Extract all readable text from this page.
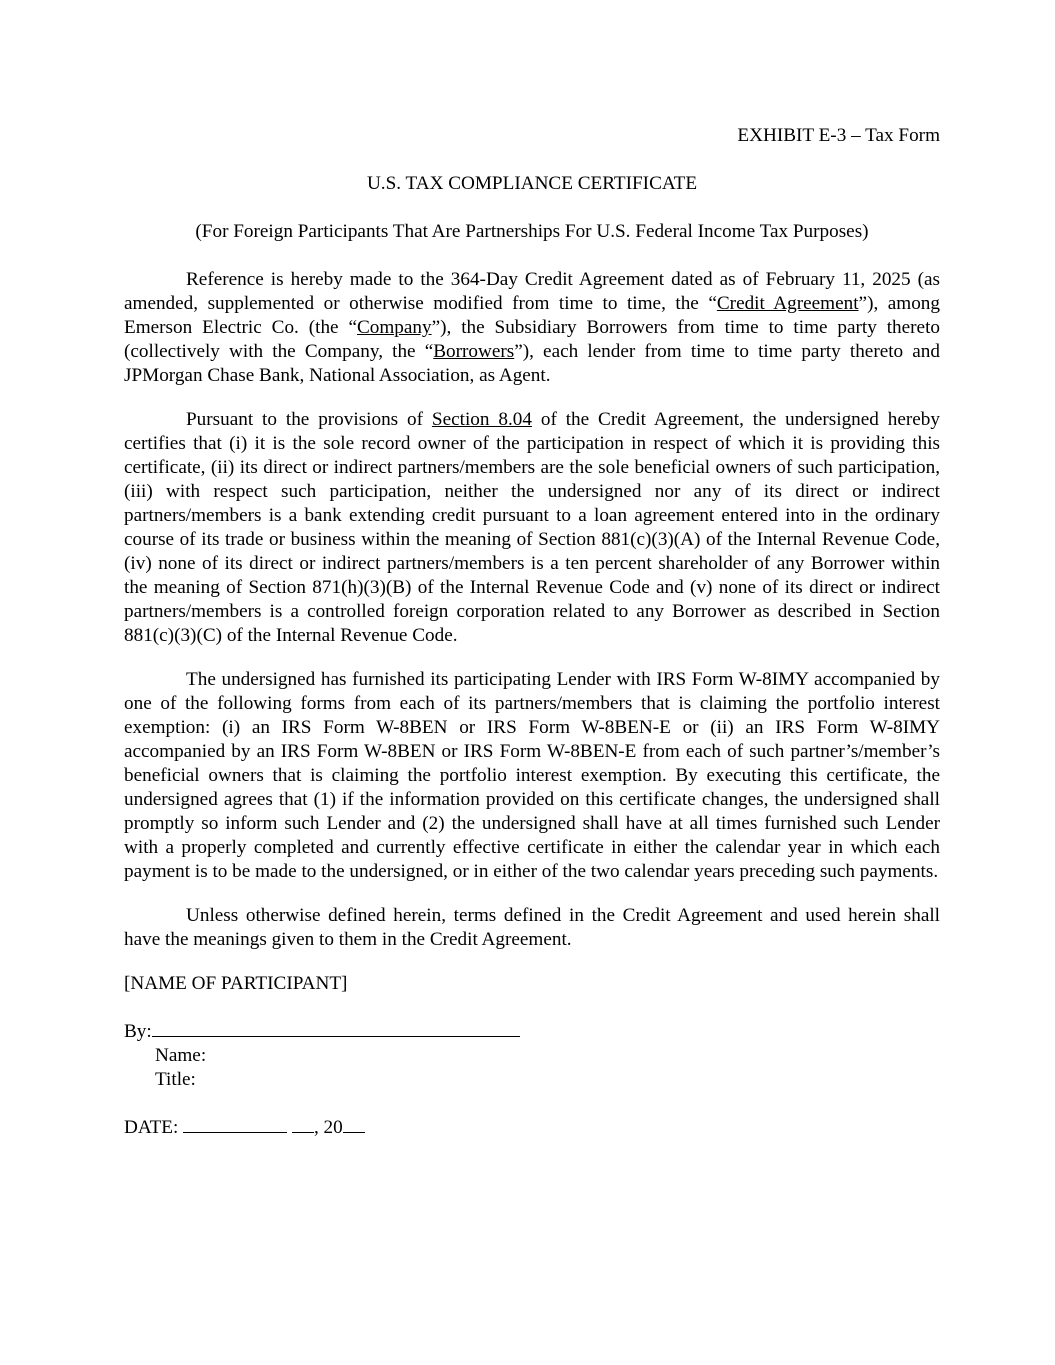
EXHIBIT E-3 – Tax Form

U.S. TAX COMPLIANCE CERTIFICATE

(For Foreign Participants That Are Partnerships For U.S. Federal Income Tax Purposes)

Reference is hereby made to the 364-Day Credit Agreement dated as of February 11, 2025 (as amended, supplemented or otherwise modified from time to time, the “Credit Agreement”), among Emerson Electric Co. (the “Company”), the Subsidiary Borrowers from time to time party thereto (collectively with the Company, the “Borrowers”), each lender from time to time party thereto and JPMorgan Chase Bank, National Association, as Agent.

Pursuant to the provisions of Section 8.04 of the Credit Agreement, the undersigned hereby certifies that (i) it is the sole record owner of the participation in respect of which it is providing this certificate, (ii) its direct or indirect partners/members are the sole beneficial owners of such participation, (iii) with respect such participation, neither the undersigned nor any of its direct or indirect partners/members is a bank extending credit pursuant to a loan agreement entered into in the ordinary course of its trade or business within the meaning of Section 881(c)(3)(A) of the Internal Revenue Code, (iv) none of its direct or indirect partners/members is a ten percent shareholder of any Borrower within the meaning of Section 871(h)(3)(B) of the Internal Revenue Code and (v) none of its direct or indirect partners/members is a controlled foreign corporation related to any Borrower as described in Section 881(c)(3)(C) of the Internal Revenue Code.

The undersigned has furnished its participating Lender with IRS Form W-8IMY accompanied by one of the following forms from each of its partners/members that is claiming the portfolio interest exemption: (i) an IRS Form W-8BEN or IRS Form W-8BEN-E or (ii) an IRS Form W-8IMY accompanied by an IRS Form W-8BEN or IRS Form W-8BEN-E from each of such partner’s/member’s beneficial owners that is claiming the portfolio interest exemption. By executing this certificate, the undersigned agrees that (1) if the information provided on this certificate changes, the undersigned shall promptly so inform such Lender and (2) the undersigned shall have at all times furnished such Lender with a properly completed and currently effective certificate in either the calendar year in which each payment is to be made to the undersigned, or in either of the two calendar years preceding such payments.

Unless otherwise defined herein, terms defined in the Credit Agreement and used herein shall have the meanings given to them in the Credit Agreement.

[NAME OF PARTICIPANT]

By:

Name:

Title:

DATE:	, 20
